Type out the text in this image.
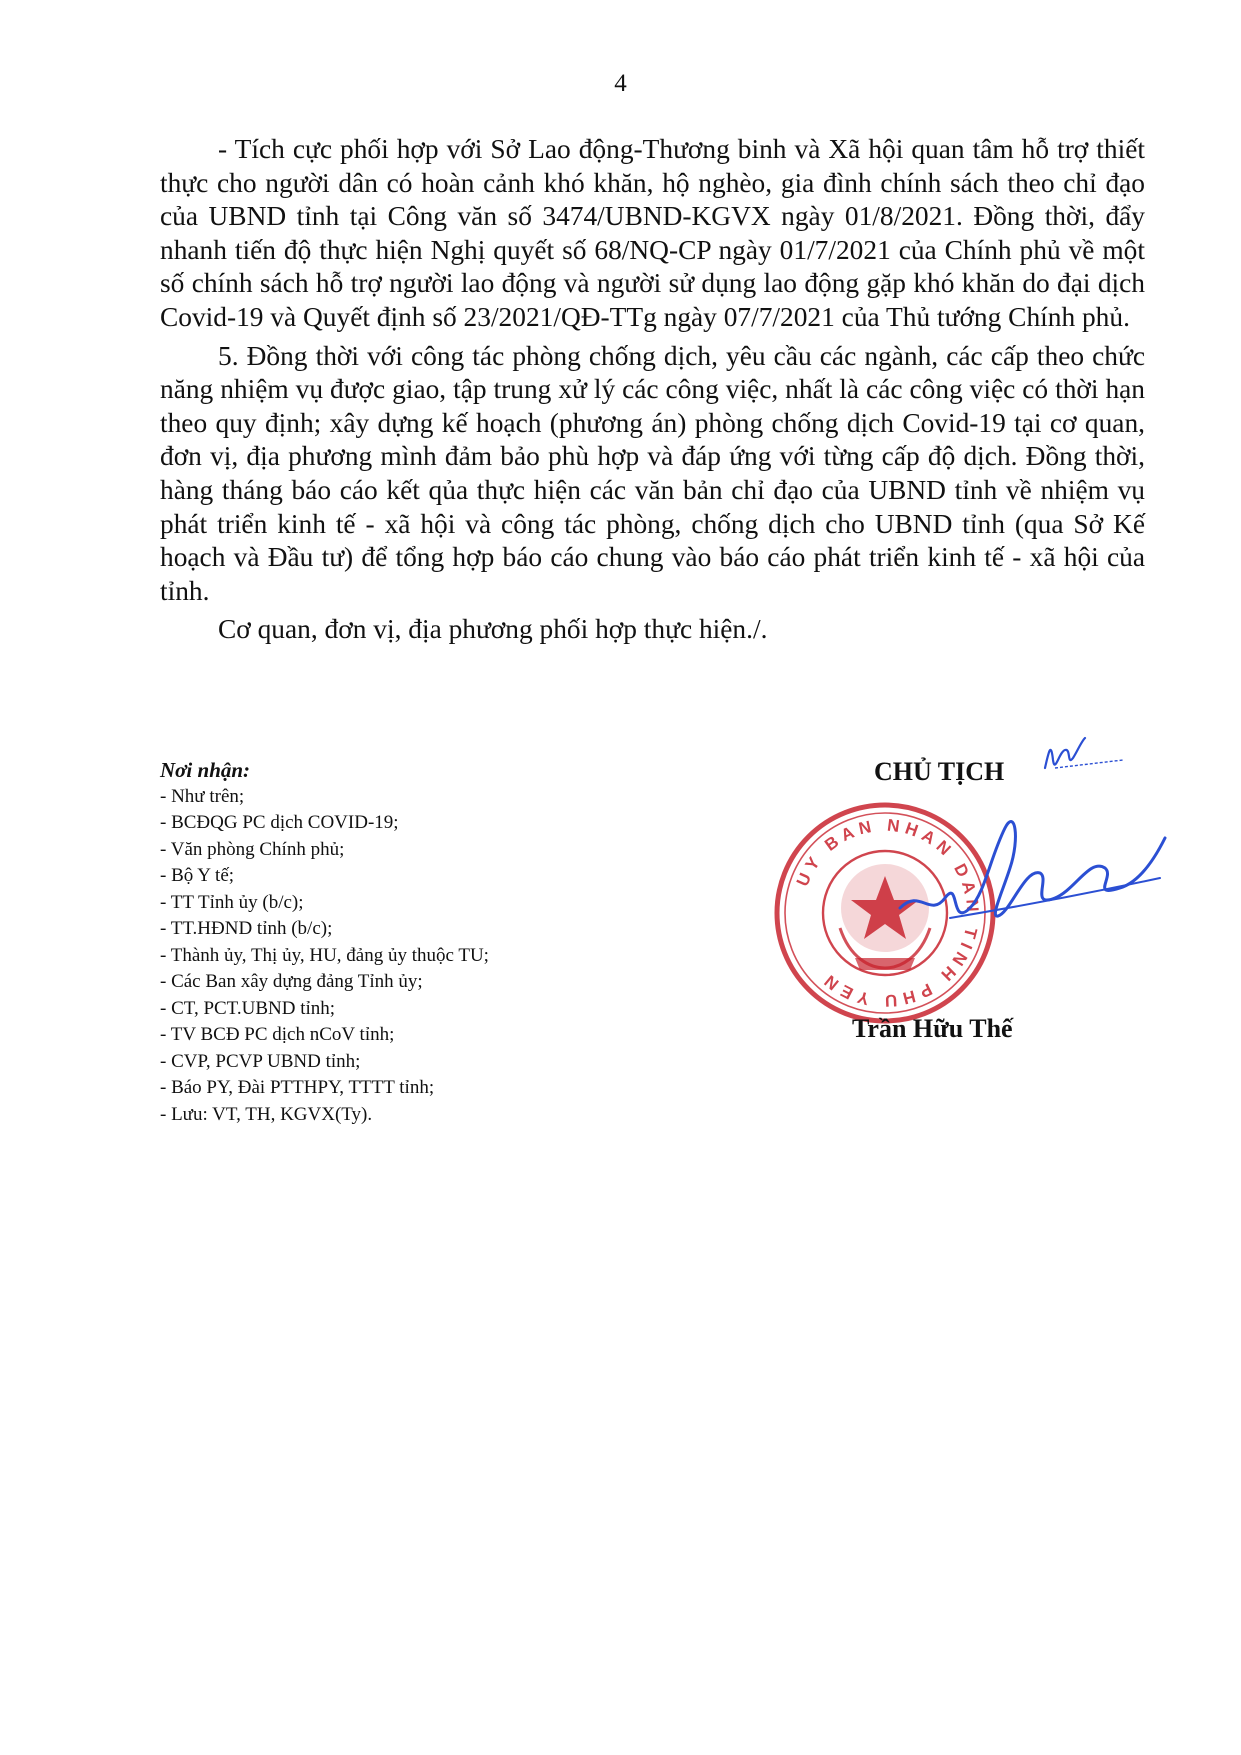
4

- Tích cực phối hợp với Sở Lao động-Thương binh và Xã hội quan tâm hỗ trợ thiết thực cho người dân có hoàn cảnh khó khăn, hộ nghèo, gia đình chính sách theo chỉ đạo của UBND tỉnh tại Công văn số 3474/UBND-KGVX ngày 01/8/2021. Đồng thời, đẩy nhanh tiến độ thực hiện Nghị quyết số 68/NQ-CP ngày 01/7/2021 của Chính phủ về một số chính sách hỗ trợ người lao động và người sử dụng lao động gặp khó khăn do đại dịch Covid-19 và Quyết định số 23/2021/QĐ-TTg ngày 07/7/2021 của Thủ tướng Chính phủ.

5. Đồng thời với công tác phòng chống dịch, yêu cầu các ngành, các cấp theo chức năng nhiệm vụ được giao, tập trung xử lý các công việc, nhất là các công việc có thời hạn theo quy định; xây dựng kế hoạch (phương án) phòng chống dịch Covid-19 tại cơ quan, đơn vị, địa phương mình đảm bảo phù hợp và đáp ứng với từng cấp độ dịch. Đồng thời, hàng tháng báo cáo kết qủa thực hiện các văn bản chỉ đạo của UBND tỉnh về nhiệm vụ phát triển kinh tế - xã hội và công tác phòng, chống dịch cho UBND tỉnh (qua Sở Kế hoạch và Đầu tư) để tổng hợp báo cáo chung vào báo cáo phát triển kinh tế - xã hội của tỉnh.

Cơ quan, đơn vị, địa phương phối hợp thực hiện./.

Nơi nhận:
- Như trên;
- BCĐQG PC dịch COVID-19;
- Văn phòng Chính phủ;
- Bộ Y tế;
- TT Tỉnh ủy (b/c);
- TT.HĐND tỉnh (b/c);
- Thành ủy, Thị ủy, HU, đảng ủy thuộc TU;
- Các Ban xây dựng đảng Tỉnh ủy;
- CT, PCT.UBND tỉnh;
- TV BCĐ PC dịch nCoV tỉnh;
- CVP, PCVP UBND tỉnh;
- Báo PY, Đài PTTHPY, TTTT tỉnh;
- Lưu: VT, TH, KGVX(Ty).
CHỦ TỊCH
UY BAN NHAN DAN TINH PHU YEN
Trần Hữu Thế
